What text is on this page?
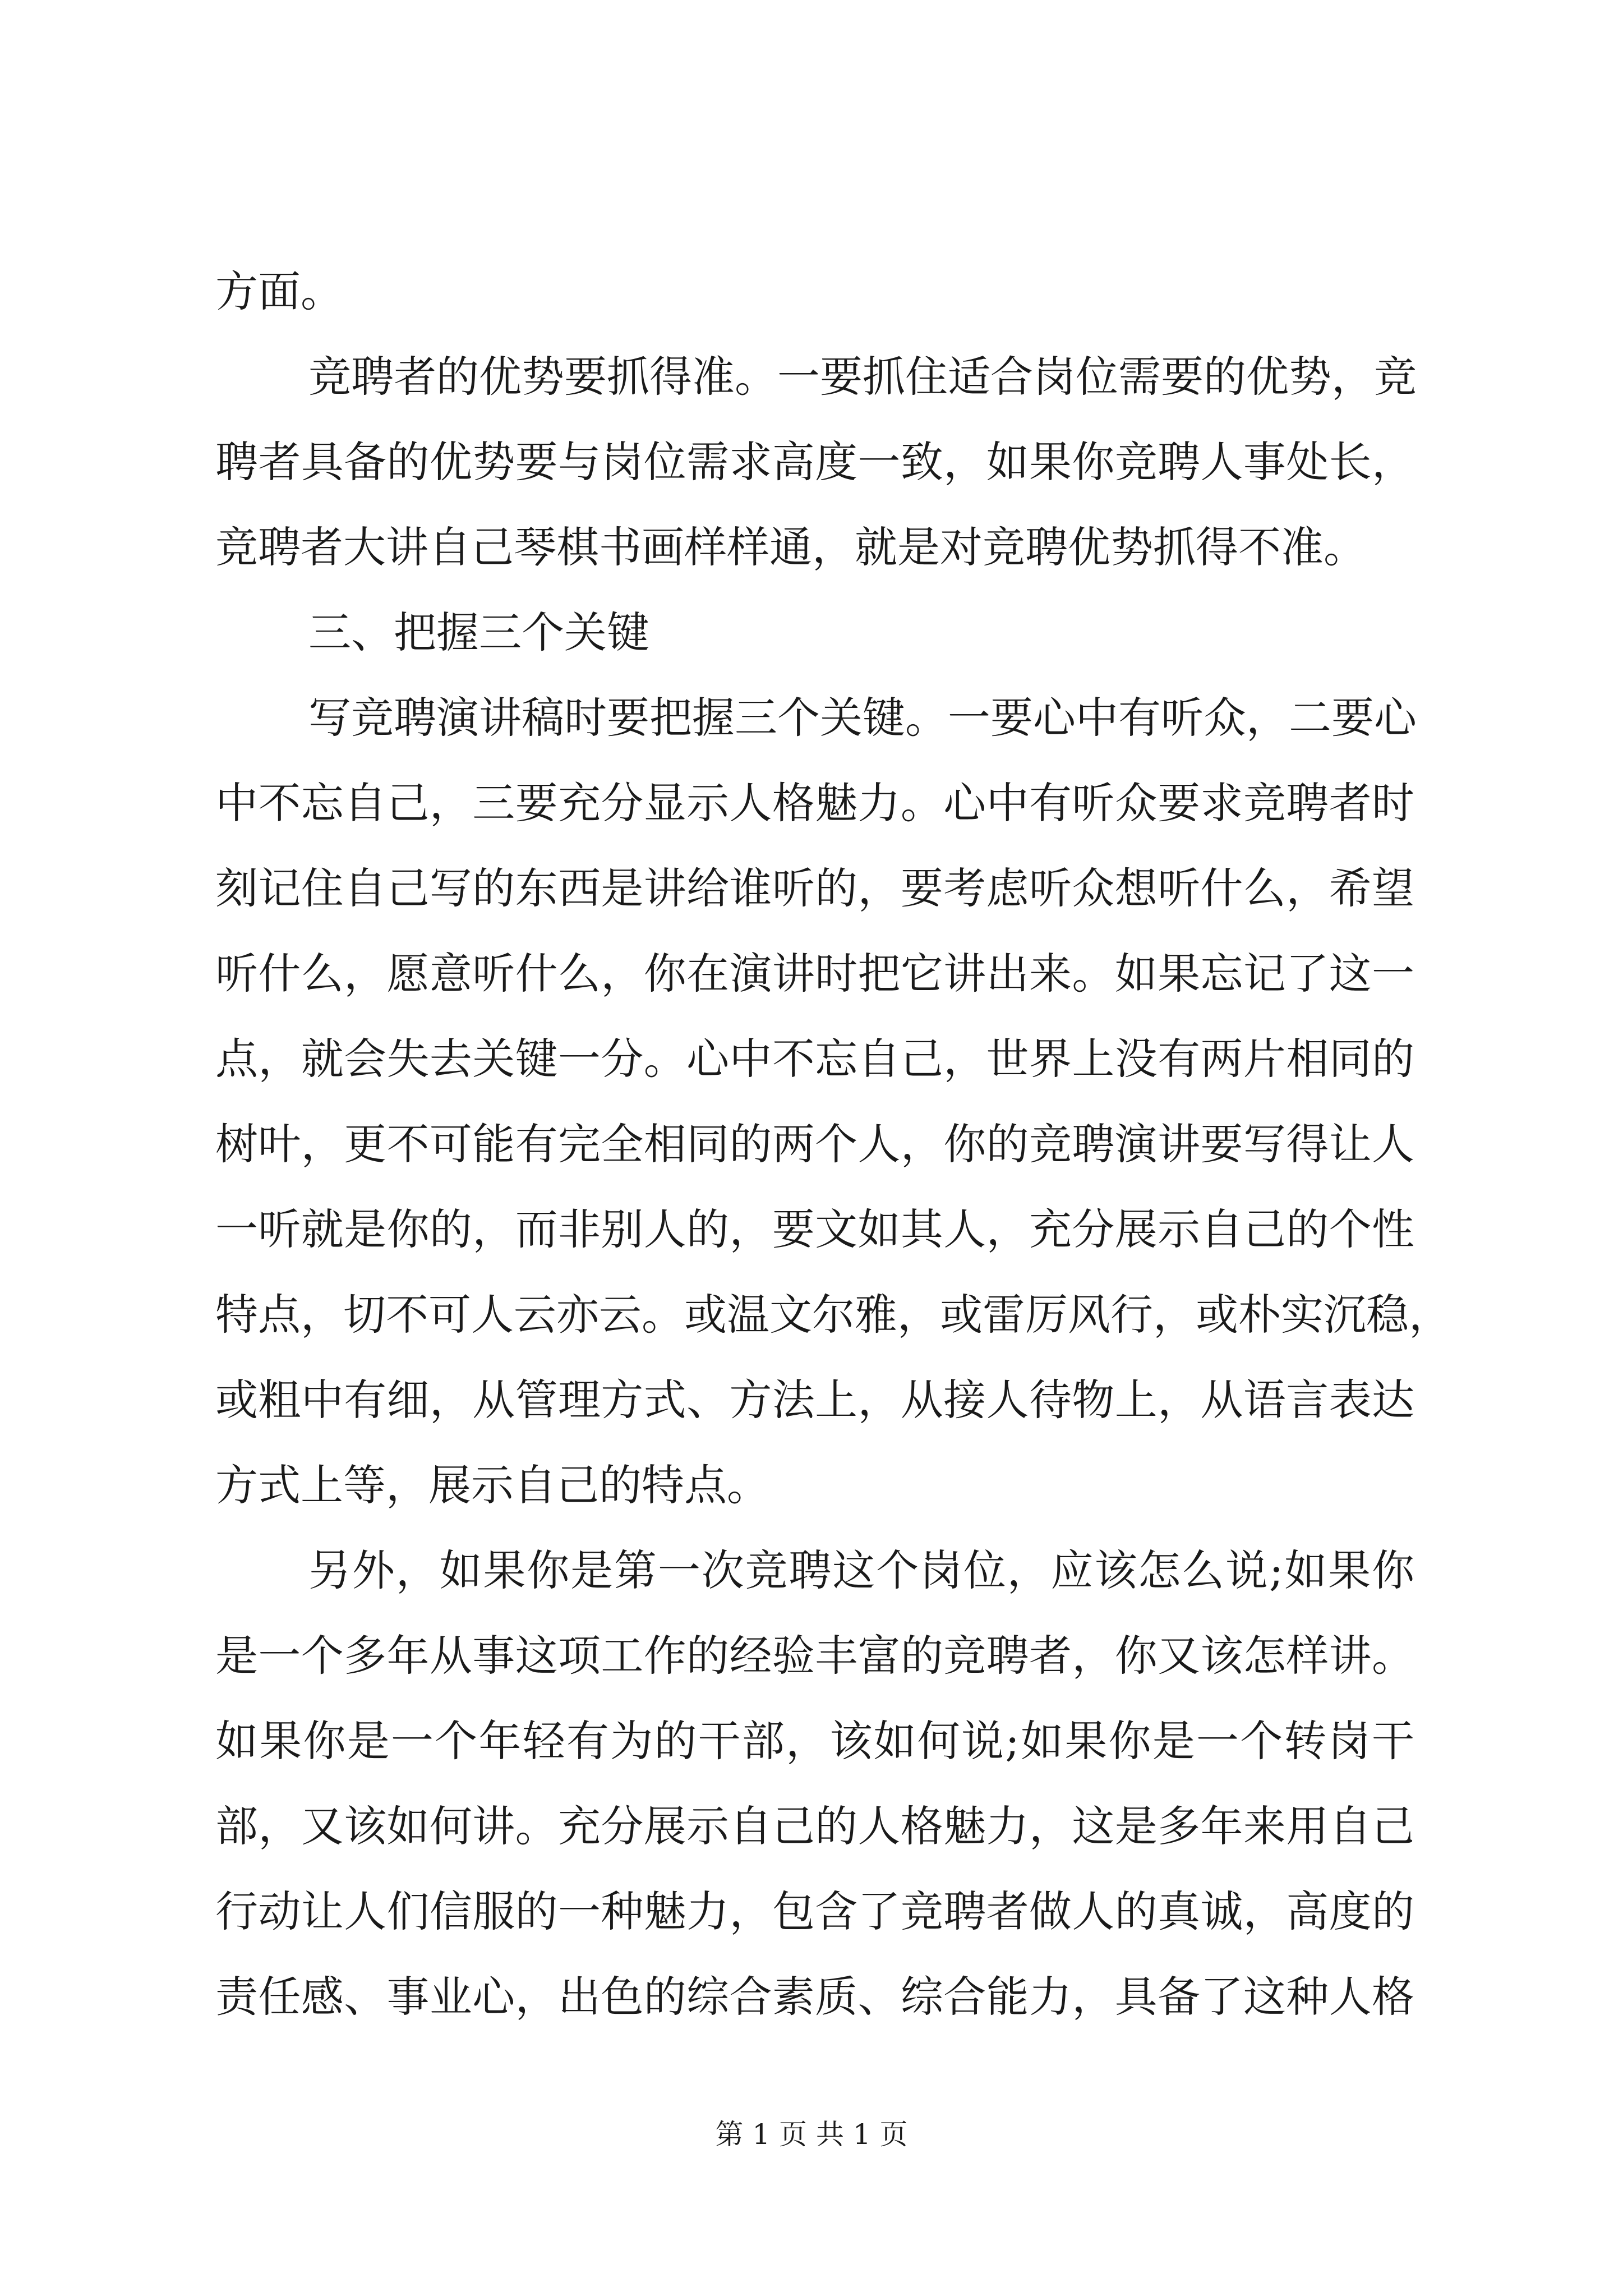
方面。
竞聘者的优势要抓得准。一要抓住适合岗位需要的优势，竞
聘者具备的优势要与岗位需求高度一致，如果你竞聘人事处长，
竞聘者大讲自己琴棋书画样样通，就是对竞聘优势抓得不准。
三、把握三个关键
写竞聘演讲稿时要把握三个关键。一要心中有听众，二要心
中不忘自己，三要充分显示人格魅力。心中有听众要求竞聘者时
刻记住自己写的东西是讲给谁听的，要考虑听众想听什么，希望
听什么，愿意听什么，你在演讲时把它讲出来。如果忘记了这一
点，就会失去关键一分。心中不忘自己，世界上没有两片相同的
树叶，更不可能有完全相同的两个人，你的竞聘演讲要写得让人
一听就是你的，而非别人的，要文如其人，充分展示自己的个性
特点，切不可人云亦云。或温文尔雅，或雷厉风行，或朴实沉稳，
或粗中有细，从管理方式、方法上，从接人待物上，从语言表达
方式上等，展示自己的特点。
另外，如果你是第一次竞聘这个岗位，应该怎么说;如果你
是一个多年从事这项工作的经验丰富的竞聘者，你又该怎样讲。
如果你是一个年轻有为的干部，该如何说;如果你是一个转岗干
部，又该如何讲。充分展示自己的人格魅力，这是多年来用自己
行动让人们信服的一种魅力，包含了竞聘者做人的真诚，高度的
责任感、事业心，出色的综合素质、综合能力，具备了这种人格
第 1 页 共 1 页
